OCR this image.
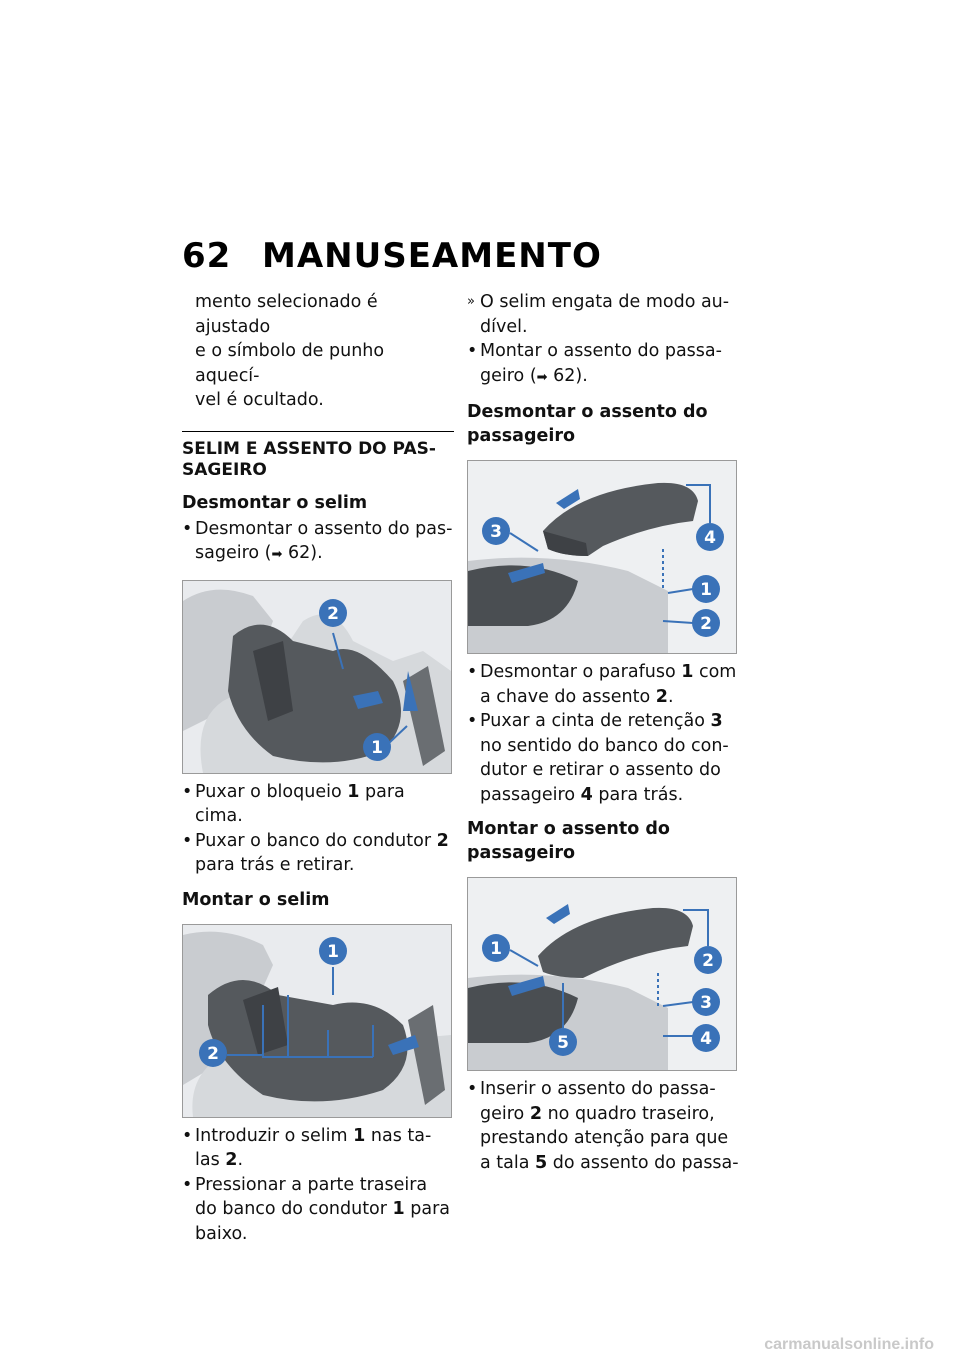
62 MANUSEAMENTO

mento selecionado é ajustado

e o símbolo de punho aquecí-

vel é ocultado.

SELIM E ASSENTO DO PAS-
SAGEIRO
Desmontar o selim

• Desmontar o assento do pas- sageiro (➡ 62).

2
1

• Puxar o bloqueio 1 para cima.

• Puxar o banco do condutor 2 para trás e retirar.

Montar o selim
1
2

• Introduzir o selim 1 nas ta- las 2.

• Pressionar a parte traseira do banco do condutor 1 para baixo.

» O selim engata de modo au- dível.

• Montar o assento do passa- geiro (➡ 62).

Desmontar o assento do passageiro
3	4
1
2

• Desmontar o parafuso 1 com a chave do assento 2.

• Puxar a cinta de retenção 3 no sentido do banco do con- dutor e retirar o assento do passageiro 4 para trás.

Montar o assento do passageiro
1
2
3
5	4

• Inserir o assento do passa- geiro 2 no quadro traseiro, prestando atenção para que a tala 5 do assento do passa-

carmanualsonline.info
